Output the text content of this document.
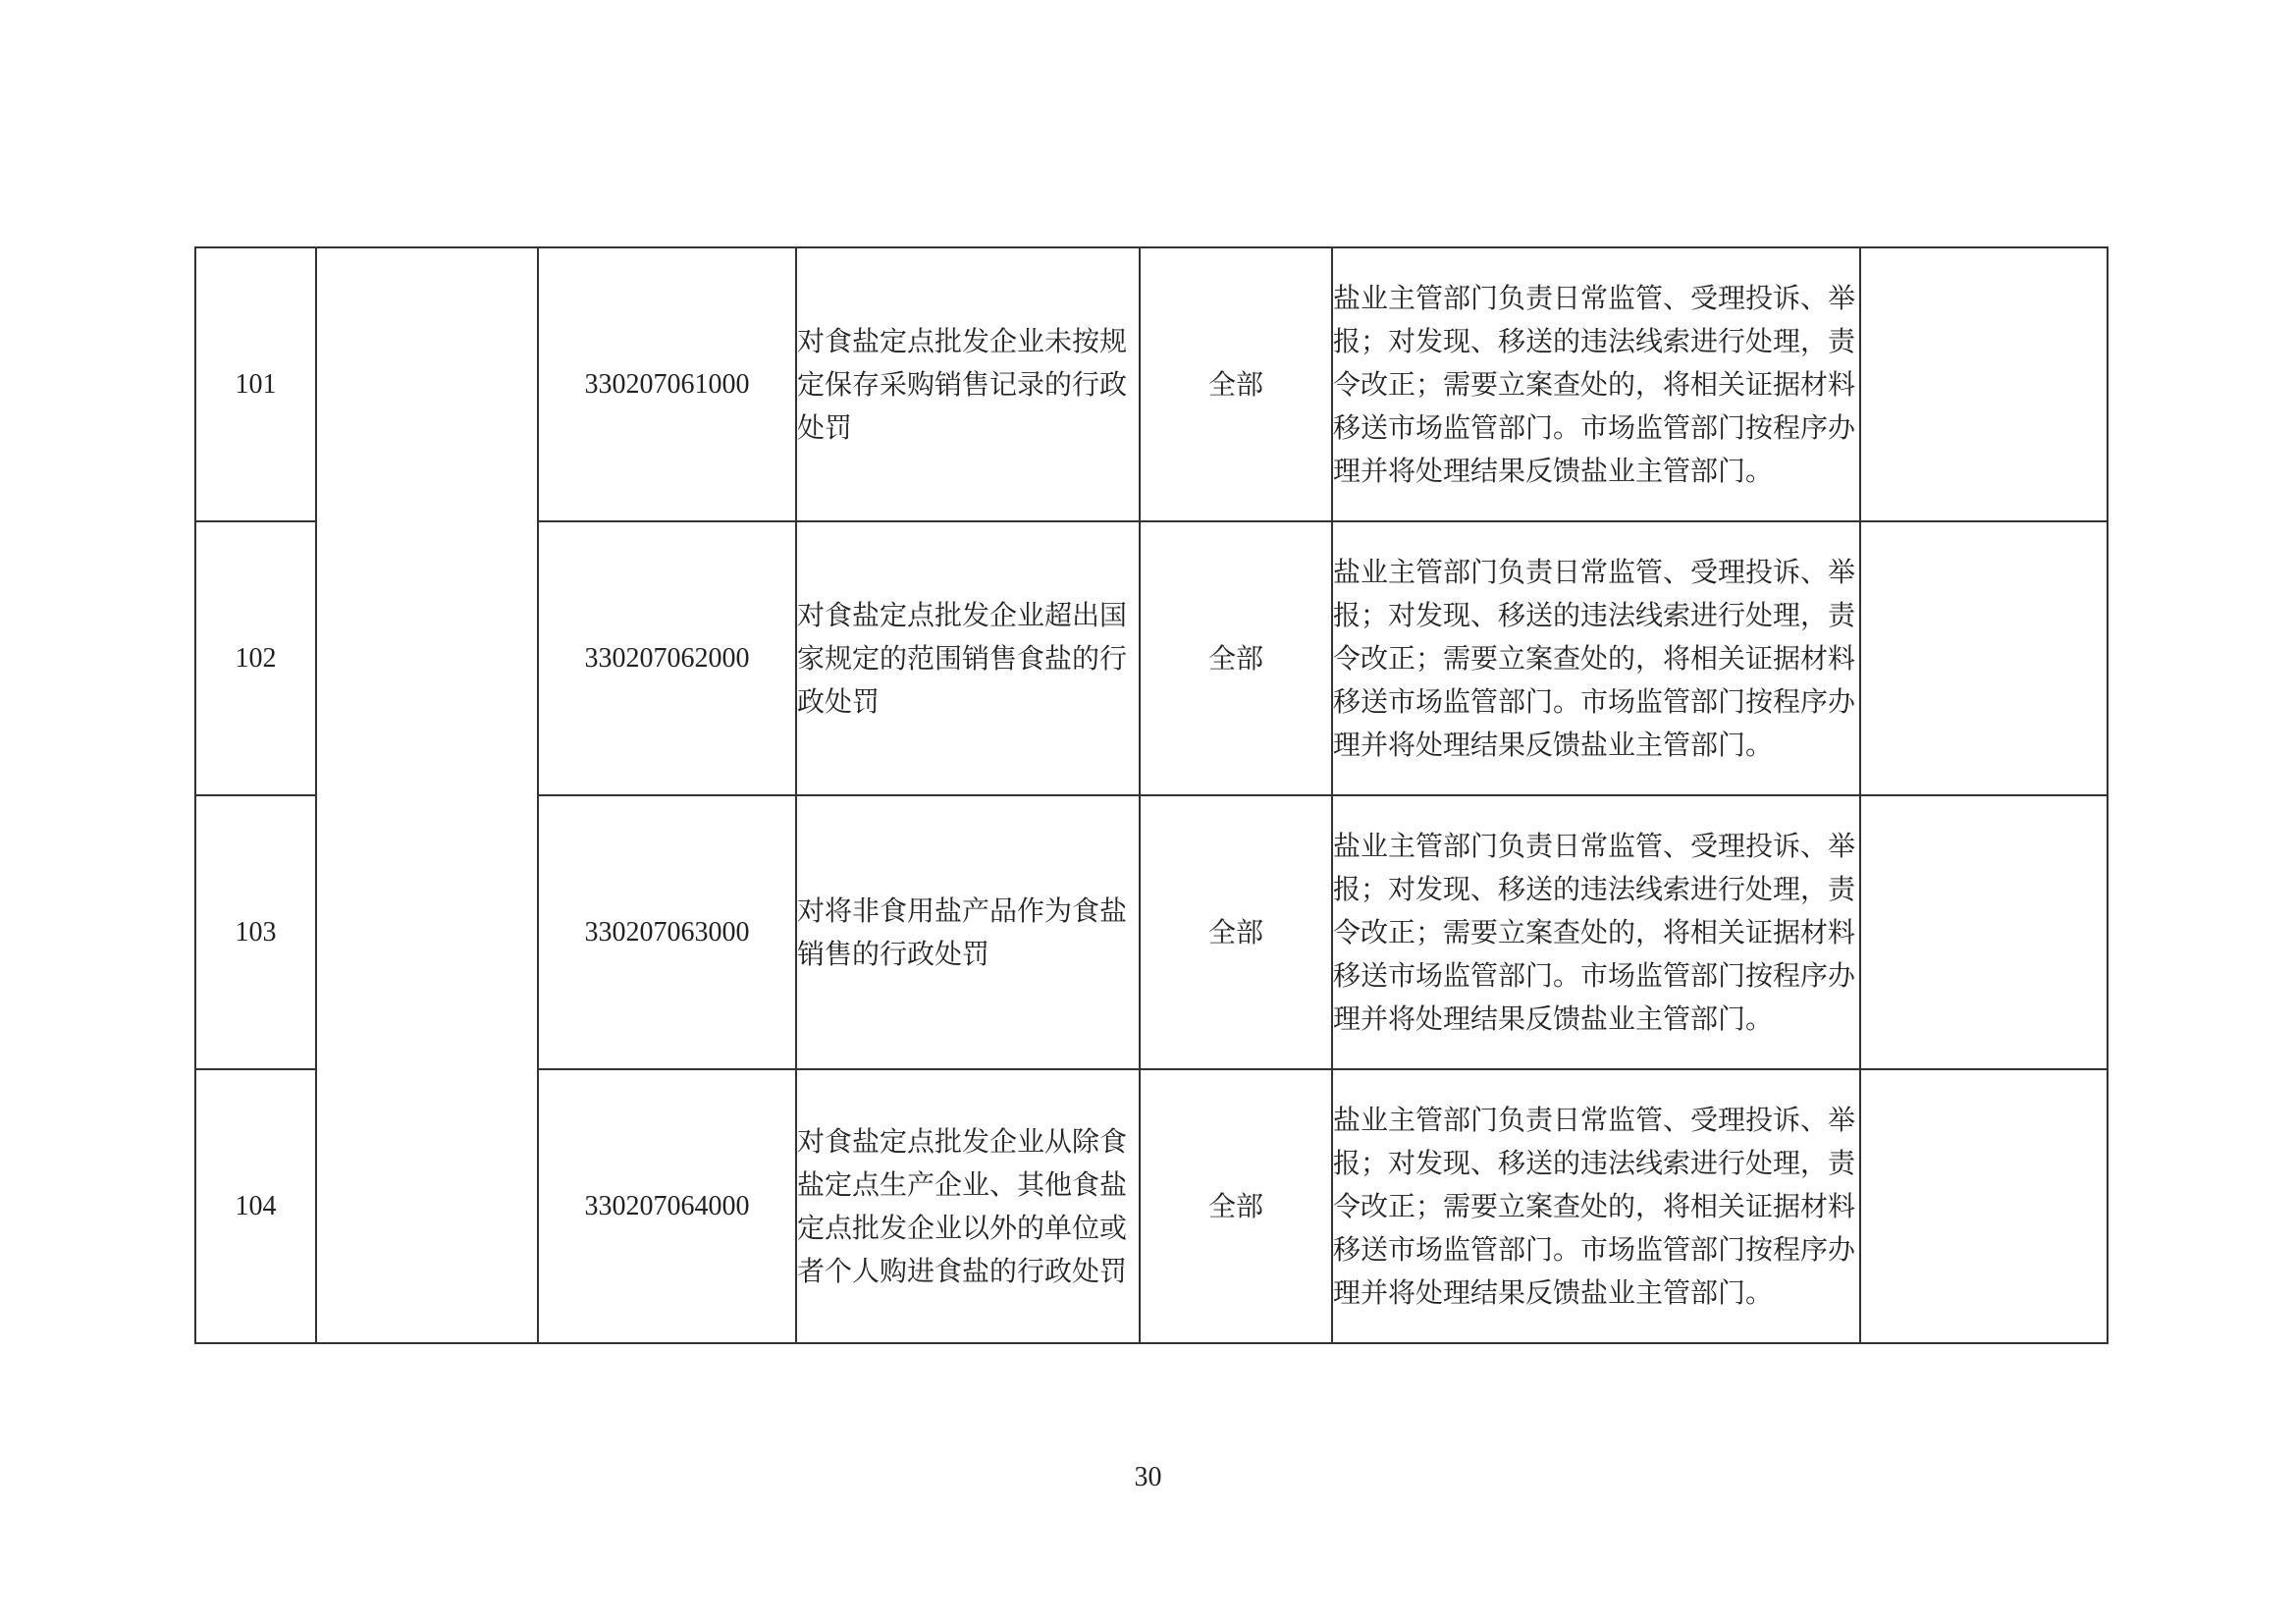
101		330207061000	对食盐定点批发企业未按规定保存采购销售记录的行政处罚	全部	盐业主管部门负责日常监管、受理投诉、举报；对发现、移送的违法线索进行处理，责令改正；需要立案查处的，将相关证据材料移送市场监管部门。市场监管部门按程序办理并将处理结果反馈盐业主管部门。	
102		330207062000	对食盐定点批发企业超出国家规定的范围销售食盐的行政处罚	全部	盐业主管部门负责日常监管、受理投诉、举报；对发现、移送的违法线索进行处理，责令改正；需要立案查处的，将相关证据材料移送市场监管部门。市场监管部门按程序办理并将处理结果反馈盐业主管部门。	
103		330207063000	对将非食用盐产品作为食盐销售的行政处罚	全部	盐业主管部门负责日常监管、受理投诉、举报；对发现、移送的违法线索进行处理，责令改正；需要立案查处的，将相关证据材料移送市场监管部门。市场监管部门按程序办理并将处理结果反馈盐业主管部门。	
104		330207064000	对食盐定点批发企业从除食盐定点生产企业、其他食盐定点批发企业以外的单位或者个人购进食盐的行政处罚	全部	盐业主管部门负责日常监管、受理投诉、举报；对发现、移送的违法线索进行处理，责令改正；需要立案查处的，将相关证据材料移送市场监管部门。市场监管部门按程序办理并将处理结果反馈盐业主管部门。	
30
